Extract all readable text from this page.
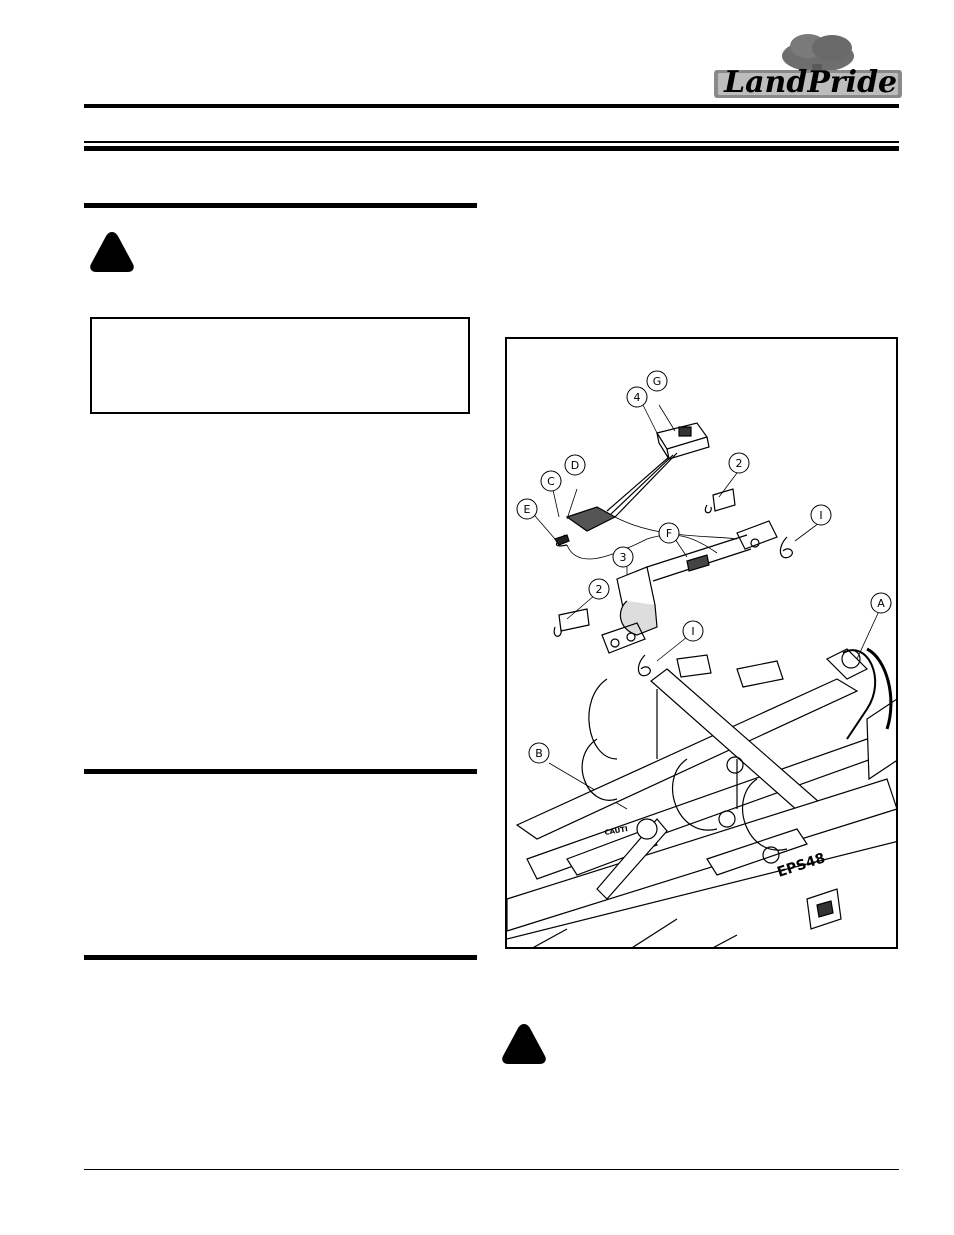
LandPride
G
4
D
C
E
2
I
F
3
2
I
A
B
EPS48
CAUTI
